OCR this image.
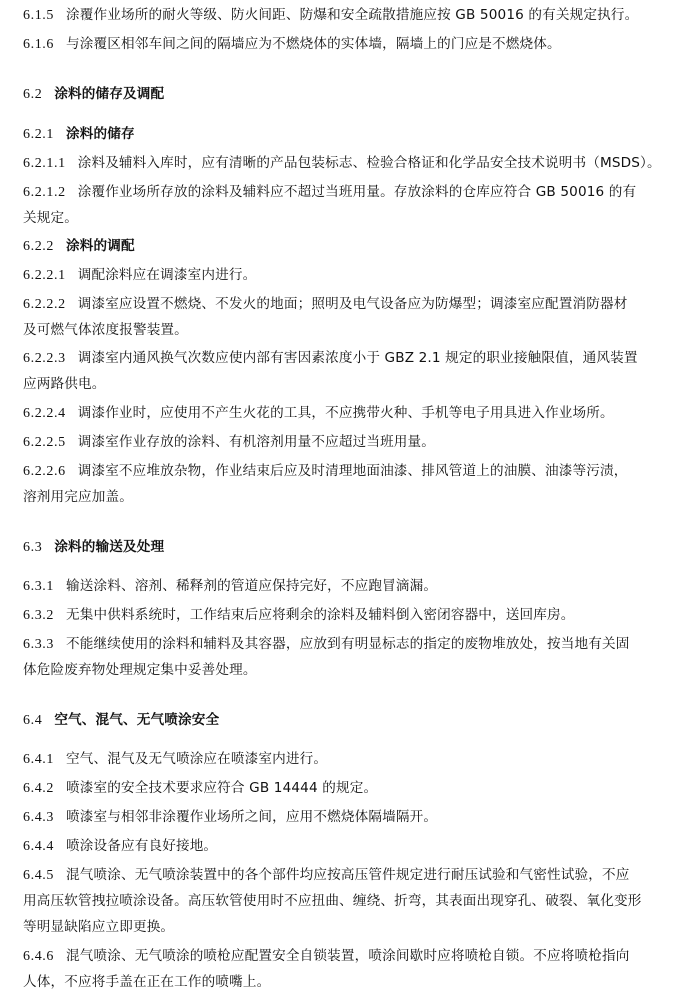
6.1.5 涂覆作业场所的耐火等级、防火间距、防爆和安全疏散措施应按 GB 50016 的有关规定执行。
6.1.6 与涂覆区相邻车间之间的隔墙应为不燃烧体的实体墙，隔墙上的门应是不燃烧体。
6.2 涂料的储存及调配
6.2.1 涂料的储存
6.2.1.1 涂料及辅料入库时，应有清晰的产品包装标志、检验合格证和化学品安全技术说明书（MSDS）。
6.2.1.2 涂覆作业场所存放的涂料及辅料应不超过当班用量。存放涂料的仓库应符合 GB 50016 的有
关规定。
6.2.2 涂料的调配
6.2.2.1 调配涂料应在调漆室内进行。
6.2.2.2 调漆室应设置不燃烧、不发火的地面；照明及电气设备应为防爆型；调漆室应配置消防器材
及可燃气体浓度报警装置。
6.2.2.3 调漆室内通风换气次数应使内部有害因素浓度小于 GBZ 2.1 规定的职业接触限值，通风装置
应两路供电。
6.2.2.4 调漆作业时，应使用不产生火花的工具，不应携带火种、手机等电子用具进入作业场所。
6.2.2.5 调漆室作业存放的涂料、有机溶剂用量不应超过当班用量。
6.2.2.6 调漆室不应堆放杂物，作业结束后应及时清理地面油漆、排风管道上的油膜、油漆等污渍，
溶剂用完应加盖。
6.3 涂料的输送及处理
6.3.1 输送涂料、溶剂、稀释剂的管道应保持完好，不应跑冒滴漏。
6.3.2 无集中供料系统时，工作结束后应将剩余的涂料及辅料倒入密闭容器中，送回库房。
6.3.3 不能继续使用的涂料和辅料及其容器，应放到有明显标志的指定的废物堆放处，按当地有关固
体危险废弃物处理规定集中妥善处理。
6.4 空气、混气、无气喷涂安全
6.4.1 空气、混气及无气喷涂应在喷漆室内进行。
6.4.2 喷漆室的安全技术要求应符合 GB 14444 的规定。
6.4.3 喷漆室与相邻非涂覆作业场所之间，应用不燃烧体隔墙隔开。
6.4.4 喷涂设备应有良好接地。
6.4.5 混气喷涂、无气喷涂装置中的各个部件均应按高压管件规定进行耐压试验和气密性试验，不应
用高压软管拽拉喷涂设备。高压软管使用时不应扭曲、缠绕、折弯，其表面出现穿孔、破裂、氧化变形
等明显缺陷应立即更换。
6.4.6 混气喷涂、无气喷涂的喷枪应配置安全自锁装置，喷涂间歇时应将喷枪自锁。不应将喷枪指向
人体，不应将手盖在正在工作的喷嘴上。
